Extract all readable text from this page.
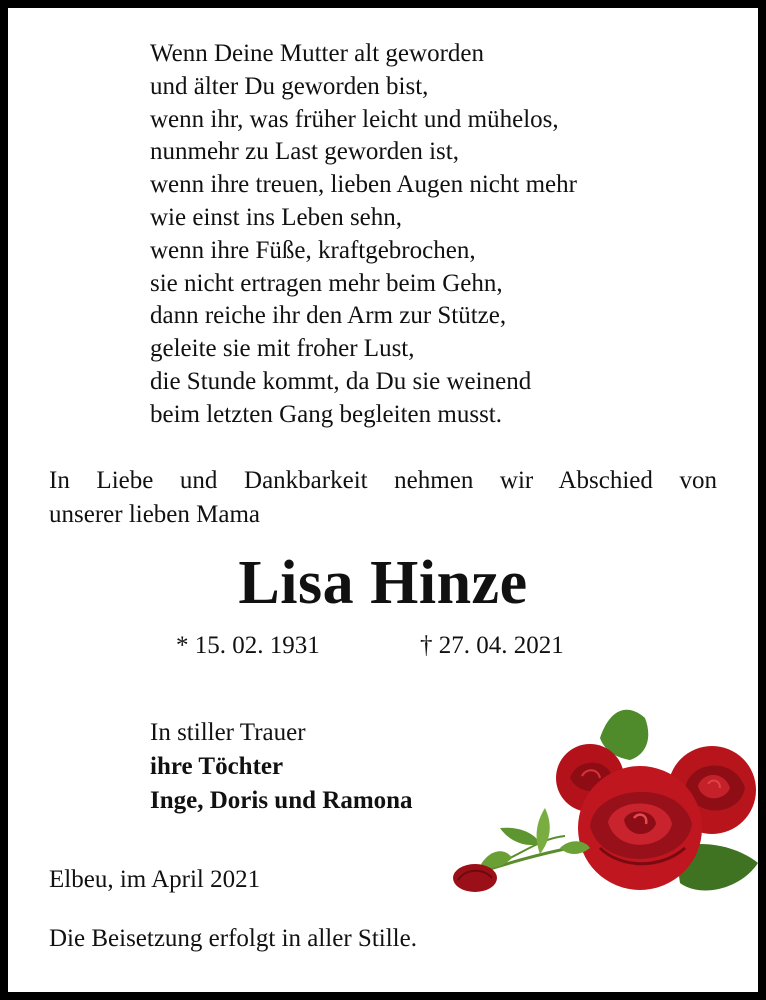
Wenn Deine Mutter alt geworden
und älter Du geworden bist,
wenn ihr, was früher leicht und mühelos,
nunmehr zu Last geworden ist,
wenn ihre treuen, lieben Augen nicht mehr
wie einst ins Leben sehn,
wenn ihre Füße, kraftgebrochen,
sie nicht ertragen mehr beim Gehn,
dann reiche ihr den Arm zur Stütze,
geleite sie mit froher Lust,
die Stunde kommt, da Du sie weinend
beim letzten Gang begleiten musst.
In Liebe und Dankbarkeit nehmen wir Abschied von
unserer lieben Mama
Lisa Hinze
* 15. 02. 1931	† 27. 04. 2021
In stiller Trauer
ihre Töchter
Inge, Doris und Ramona
Elbeu, im April 2021
Die Beisetzung erfolgt in aller Stille.
